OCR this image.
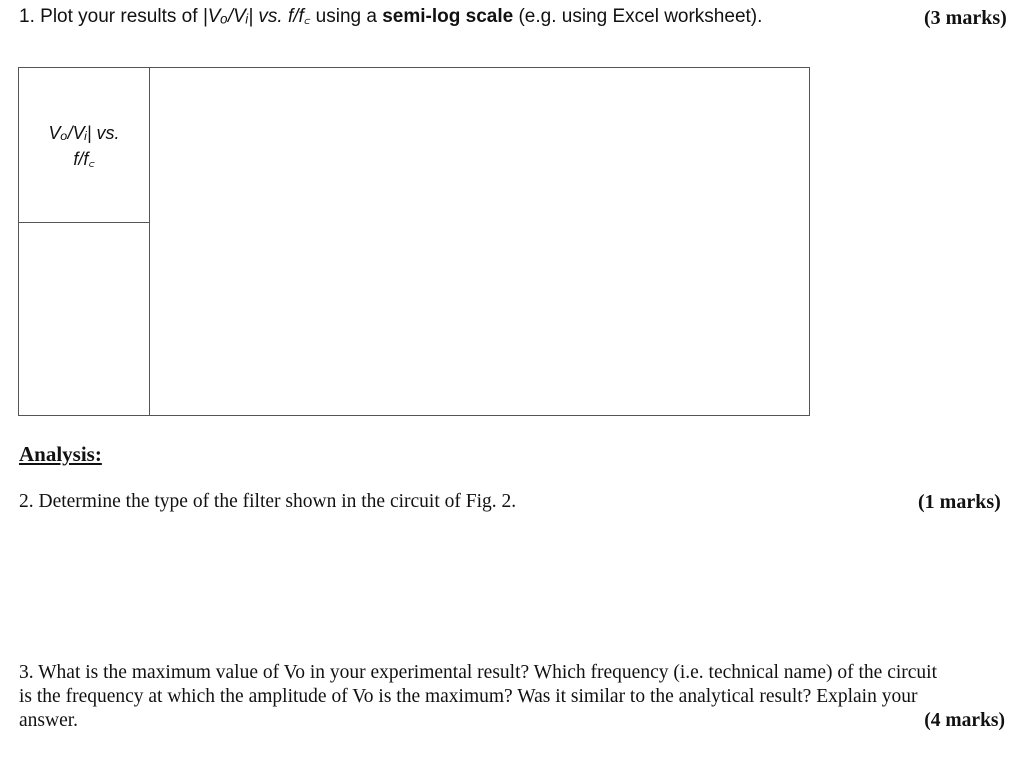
1. Plot your results of |Vₒ/Vᵢ| vs. f/f꜀ using a semi-log scale (e.g. using Excel worksheet).	(3 marks)
Vₒ/Vᵢ| vs.
f/f꜀

Analysis:
2. Determine the type of the filter shown in the circuit of Fig. 2.	(1 marks)
3. What is the maximum value of Vo in your experimental result? Which frequency (i.e. technical name) of the circuit
is the frequency at which the amplitude of Vo is the maximum? Was it similar to the analytical result? Explain your
answer.	(4 marks)
